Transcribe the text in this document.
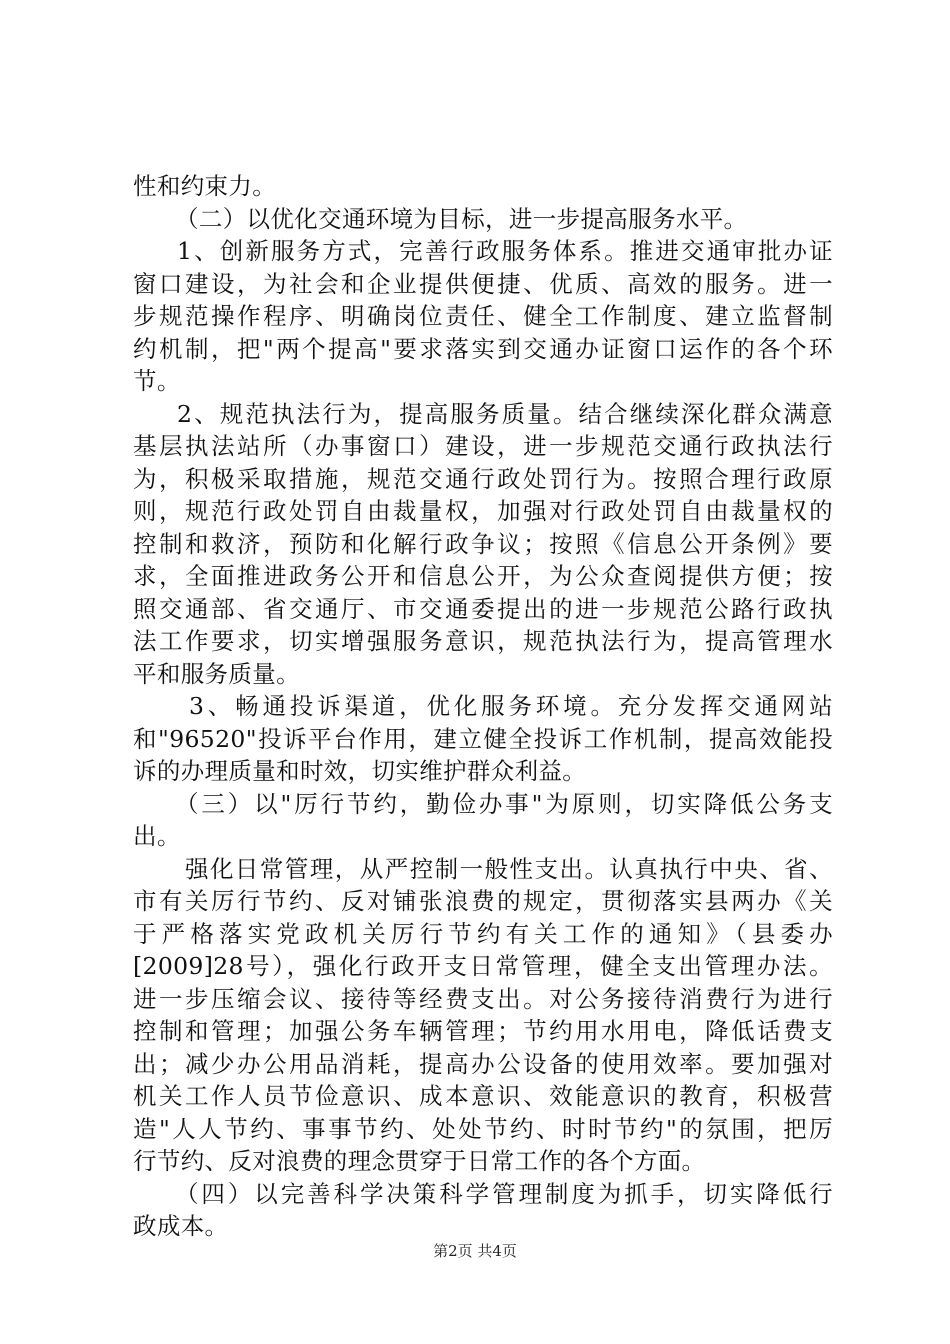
性和约束力。
（二）以优化交通环境为目标，进一步提高服务水平。
1、创新服务方式，完善行政服务体系。推进交通审批办证
窗口建设，为社会和企业提供便捷、优质、高效的服务。进一
步规范操作程序、明确岗位责任、健全工作制度、建立监督制
约机制，把"两个提高"要求落实到交通办证窗口运作的各个环
节。
2、规范执法行为，提高服务质量。结合继续深化群众满意
基层执法站所（办事窗口）建设，进一步规范交通行政执法行
为，积极采取措施，规范交通行政处罚行为。按照合理行政原
则，规范行政处罚自由裁量权，加强对行政处罚自由裁量权的
控制和救济，预防和化解行政争议；按照《信息公开条例》要
求，全面推进政务公开和信息公开，为公众查阅提供方便；按
照交通部、省交通厅、市交通委提出的进一步规范公路行政执
法工作要求，切实增强服务意识，规范执法行为，提高管理水
平和服务质量。
3、畅通投诉渠道，优化服务环境。充分发挥交通网站
和"96520"投诉平台作用，建立健全投诉工作机制，提高效能投
诉的办理质量和时效，切实维护群众利益。
（三）以"厉行节约，勤俭办事"为原则，切实降低公务支
出。
强化日常管理，从严控制一般性支出。认真执行中央、省、
市有关厉行节约、反对铺张浪费的规定，贯彻落实县两办《关
于严格落实党政机关厉行节约有关工作的通知》（县委办
[2009]28号），强化行政开支日常管理，健全支出管理办法。
进一步压缩会议、接待等经费支出。对公务接待消费行为进行
控制和管理；加强公务车辆管理；节约用水用电，降低话费支
出；减少办公用品消耗，提高办公设备的使用效率。要加强对
机关工作人员节俭意识、成本意识、效能意识的教育，积极营
造"人人节约、事事节约、处处节约、时时节约"的氛围，把厉
行节约、反对浪费的理念贯穿于日常工作的各个方面。
（四）以完善科学决策科学管理制度为抓手，切实降低行
政成本。
第2页 共4页
